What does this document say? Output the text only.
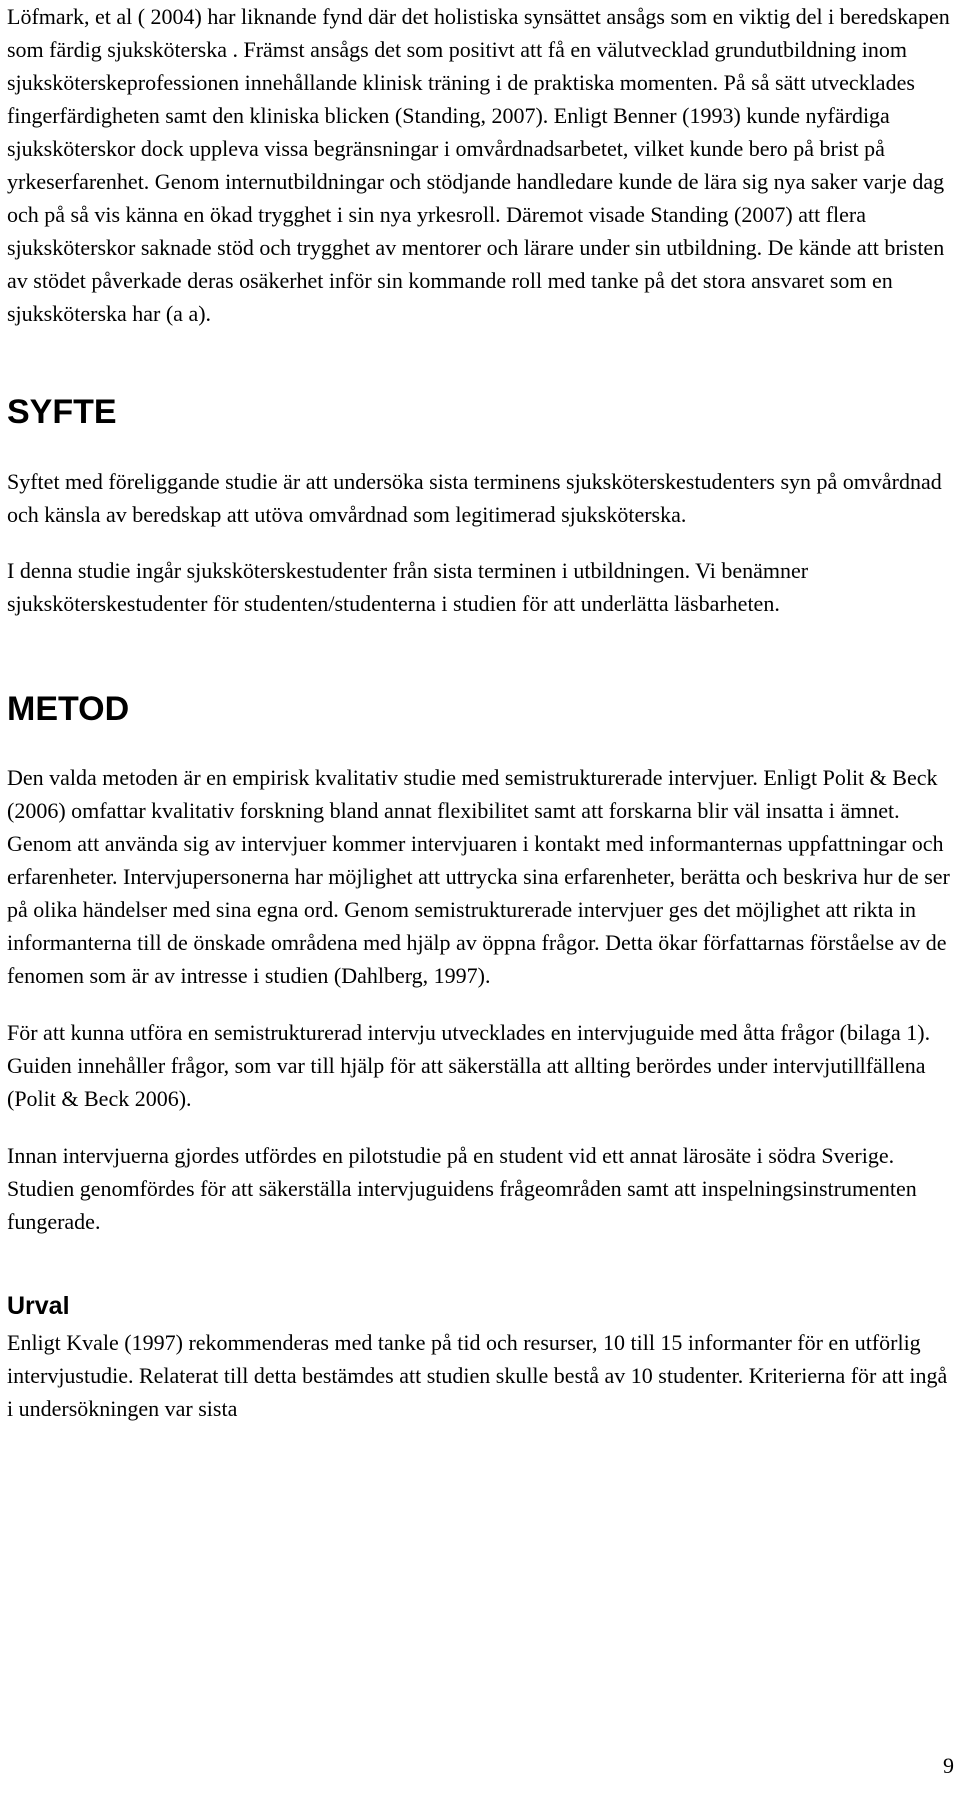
Löfmark, et al ( 2004) har liknande fynd där det holistiska synsättet ansågs som en viktig del i beredskapen som färdig sjuksköterska . Främst ansågs det som positivt att få en välutvecklad grundutbildning inom sjuksköterskeprofessionen innehållande klinisk träning i de praktiska momenten. På så sätt utvecklades fingerfärdigheten samt den kliniska blicken (Standing, 2007). Enligt Benner (1993) kunde nyfärdiga sjuksköterskor dock uppleva vissa begränsningar i omvårdnadsarbetet, vilket kunde bero på brist på yrkeserfarenhet. Genom internutbildningar och stödjande handledare kunde de lära sig nya saker varje dag och på så vis känna en ökad trygghet i sin nya yrkesroll. Däremot visade Standing (2007) att flera sjuksköterskor saknade stöd och trygghet av mentorer och lärare under sin utbildning. De kände att bristen av stödet påverkade deras osäkerhet inför sin kommande roll med tanke på det stora ansvaret som en sjuksköterska har (a a).

SYFTE

Syftet med föreliggande studie är att undersöka sista terminens sjuksköterskestudenters syn på omvårdnad och känsla av beredskap att utöva omvårdnad som legitimerad sjuksköterska.

I denna studie ingår sjuksköterskestudenter från sista terminen i utbildningen. Vi benämner sjuksköterskestudenter för studenten/studenterna i studien för att underlätta läsbarheten.

METOD

Den valda metoden är en empirisk kvalitativ studie med semistrukturerade intervjuer. Enligt Polit & Beck (2006) omfattar kvalitativ forskning bland annat flexibilitet samt att forskarna blir väl insatta i ämnet. Genom att använda sig av intervjuer kommer intervjuaren i kontakt med informanternas uppfattningar och erfarenheter. Intervjupersonerna har möjlighet att uttrycka sina erfarenheter, berätta och beskriva hur de ser på olika händelser med sina egna ord. Genom semistrukturerade intervjuer ges det möjlighet att rikta in informanterna till de önskade områdena med hjälp av öppna frågor. Detta ökar författarnas förståelse av de fenomen som är av intresse i studien (Dahlberg, 1997).

För att kunna utföra en semistrukturerad intervju utvecklades en intervjuguide med åtta frågor (bilaga 1). Guiden innehåller frågor, som var till hjälp för att säkerställa att allting berördes under intervjutillfällena (Polit & Beck 2006).

Innan intervjuerna gjordes utfördes en pilotstudie på en student vid ett annat lärosäte i södra Sverige. Studien genomfördes för att säkerställa intervjuguidens frågeområden samt att inspelningsinstrumenten fungerade.

Urval

Enligt Kvale (1997) rekommenderas med tanke på tid och resurser, 10 till 15 informanter för en utförlig intervjustudie. Relaterat till detta bestämdes att studien skulle bestå av 10 studenter. Kriterierna för att ingå i undersökningen var sista

9
